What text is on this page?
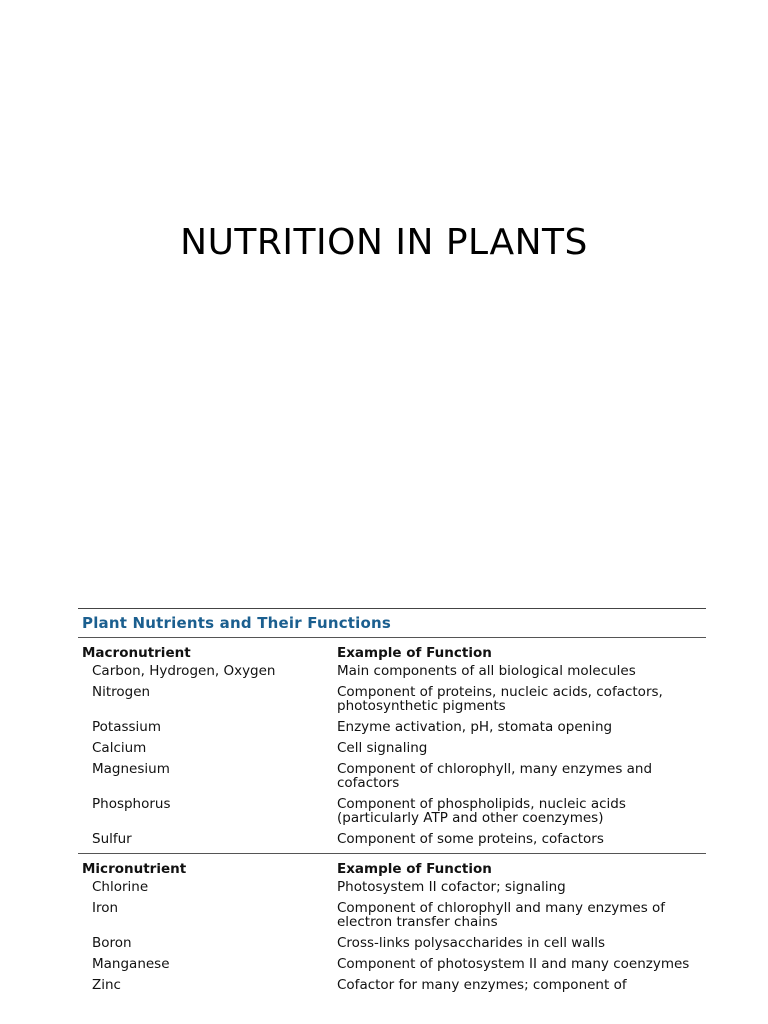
NUTRITION IN PLANTS
Plant Nutrients and Their Functions
Macronutrient	Example of Function
Carbon, Hydrogen, Oxygen	Main components of all biological molecules
Nitrogen	Component of proteins, nucleic acids, cofactors, photosynthetic pigments
Potassium	Enzyme activation, pH, stomata opening
Calcium	Cell signaling
Magnesium	Component of chlorophyll, many enzymes and cofactors
Phosphorus	Component of phospholipids, nucleic acids (particularly ATP and other coenzymes)
Sulfur	Component of some proteins, cofactors
Micronutrient	Example of Function
Chlorine	Photosystem II cofactor; signaling
Iron	Component of chlorophyll and many enzymes of electron transfer chains
Boron	Cross-links polysaccharides in cell walls
Manganese	Component of photosystem II and many coenzymes
Zinc	Cofactor for many enzymes; component of
